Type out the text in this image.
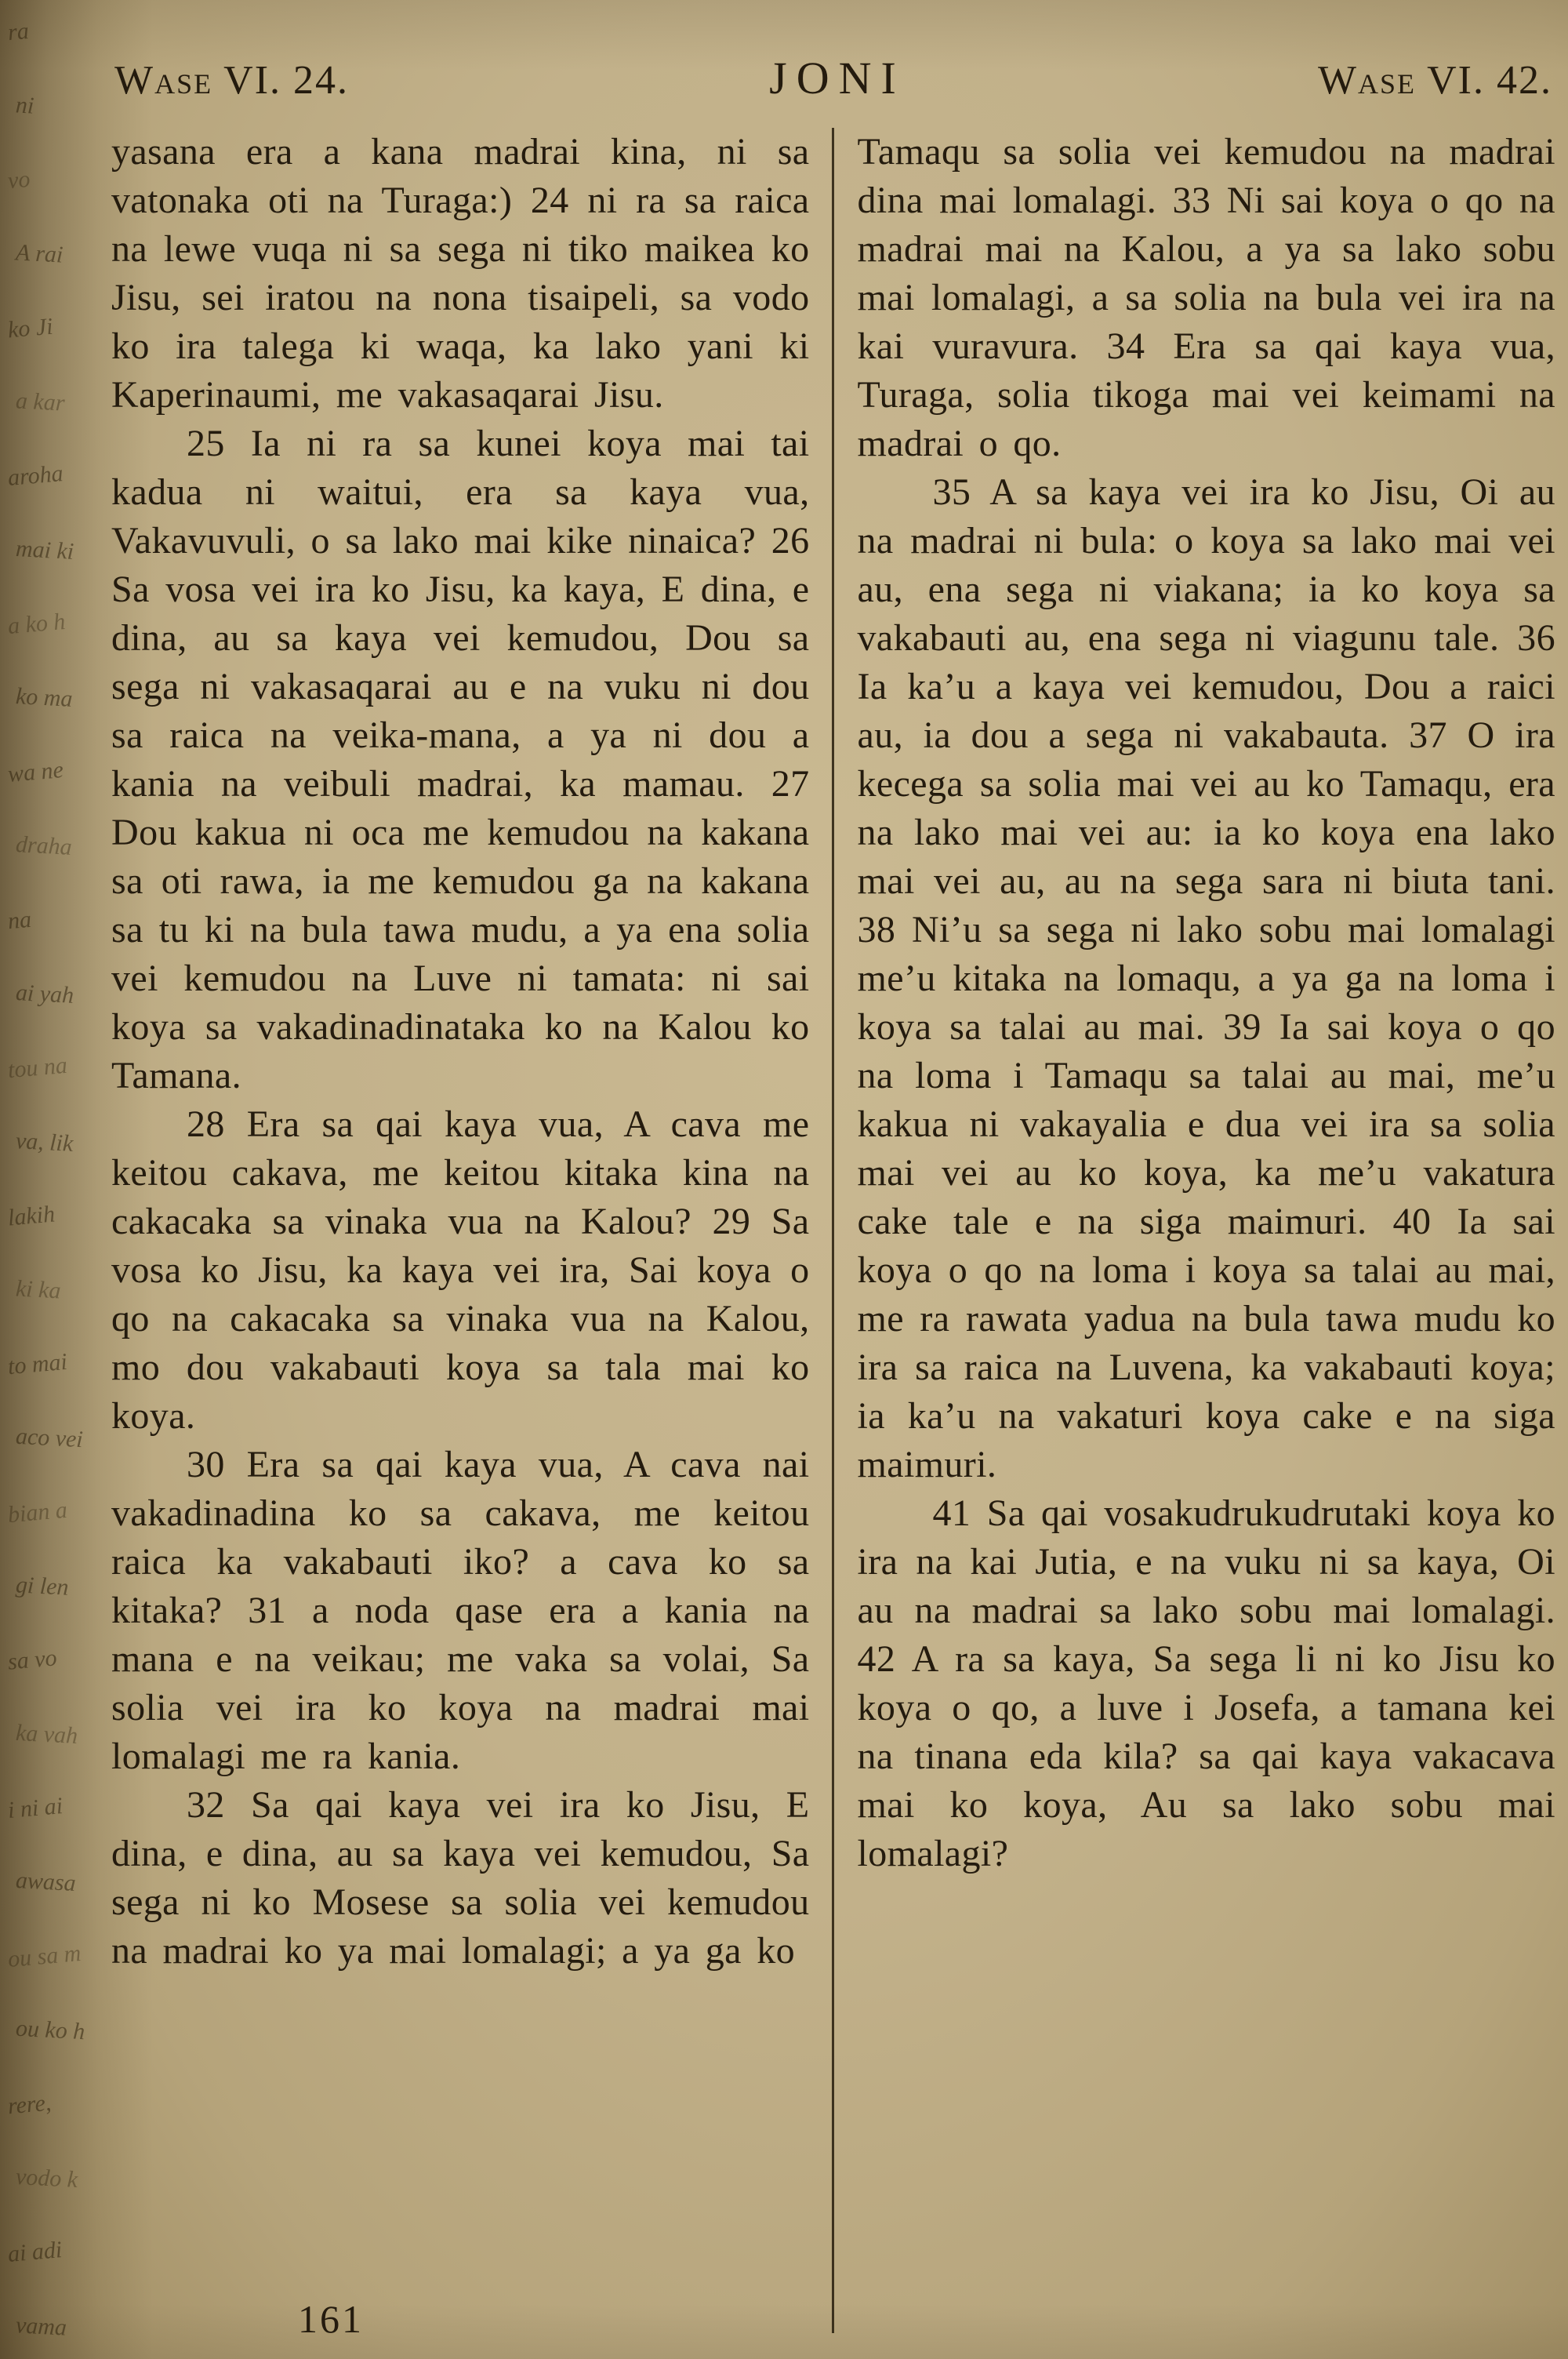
ra
ni
vo
A rai
ko Ji
a kar
aroha
mai ki
a ko h
ko ma
wa ne
draha
na
ai yah
tou na
va, lik
lakih
ki ka
to mai
aco vei
bian a
gi len
sa vo
ka vah
i ni ai
awasa
ou sa m
ou ko h
rere,
vodo k
ai adi
vama
Wase VI. 24.	JONI	Wase VI. 42.

yasana era a kana madrai kina, ni sa vatonaka oti na Turaga:) 24 ni ra sa raica na lewe vuqa ni sa sega ni tiko maikea ko Jisu, sei iratou na nona tisaipeli, sa vodo ko ira talega ki waqa, ka lako yani ki Kaperinaumi, me vakasaqarai Jisu.

25 Ia ni ra sa kunei koya mai tai kadua ni waitui, era sa kaya vua, Vakavuvuli, o sa lako mai kike ninaica? 26 Sa vosa vei ira ko Jisu, ka kaya, E dina, e dina, au sa kaya vei kemudou, Dou sa sega ni vakasaqarai au e na vuku ni dou sa raica na veika-mana, a ya ni dou a kania na veibuli madrai, ka mamau. 27 Dou kakua ni oca me kemudou na kakana sa oti rawa, ia me kemudou ga na kakana sa tu ki na bula tawa mudu, a ya ena solia vei kemudou na Luve ni tamata: ni sai koya sa vakadinadinataka ko na Kalou ko Tamana.

28 Era sa qai kaya vua, A cava me keitou cakava, me keitou kitaka kina na cakacaka sa vinaka vua na Kalou? 29 Sa vosa ko Jisu, ka kaya vei ira, Sai koya o qo na cakacaka sa vinaka vua na Kalou, mo dou vakabauti koya sa tala mai ko koya.

30 Era sa qai kaya vua, A cava nai vakadinadina ko sa cakava, me keitou raica ka vakabauti iko? a cava ko sa kitaka? 31 a noda qase era a kania na mana e na veikau; me vaka sa volai, Sa solia vei ira ko koya na madrai mai lomalagi me ra kania.

32 Sa qai kaya vei ira ko Jisu, E dina, e dina, au sa kaya vei kemudou, Sa sega ni ko Mosese sa solia vei kemudou na madrai ko ya mai lomalagi; a ya ga ko

Tamaqu sa solia vei kemudou na madrai dina mai lomalagi. 33 Ni sai koya o qo na madrai mai na Kalou, a ya sa lako sobu mai lomalagi, a sa solia na bula vei ira na kai vuravura. 34 Era sa qai kaya vua, Turaga, solia tikoga mai vei keimami na madrai o qo.

35 A sa kaya vei ira ko Jisu, Oi au na madrai ni bula: o koya sa lako mai vei au, ena sega ni viakana; ia ko koya sa vakabauti au, ena sega ni viagunu tale. 36 Ia ka’u a kaya vei kemudou, Dou a raici au, ia dou a sega ni vakabauta. 37 O ira kecega sa solia mai vei au ko Tamaqu, era na lako mai vei au: ia ko koya ena lako mai vei au, au na sega sara ni biuta tani. 38 Ni’u sa sega ni lako sobu mai lomalagi me’u kitaka na lomaqu, a ya ga na loma i koya sa talai au mai. 39 Ia sai koya o qo na loma i Tamaqu sa talai au mai, me’u kakua ni vakayalia e dua vei ira sa solia mai vei au ko koya, ka me’u vakatura cake tale e na siga maimuri. 40 Ia sai koya o qo na loma i koya sa talai au mai, me ra rawata yadua na bula tawa mudu ko ira sa raica na Luvena, ka vakabauti koya; ia ka’u na vakaturi koya cake e na siga maimuri.

41 Sa qai vosakudrukudrutaki koya ko ira na kai Jutia, e na vuku ni sa kaya, Oi au na madrai sa lako sobu mai lomalagi. 42 A ra sa kaya, Sa sega li ni ko Jisu ko koya o qo, a luve i Josefa, a tamana kei na tinana eda kila? sa qai kaya vakacava mai ko koya, Au sa lako sobu mai lomalagi?

161
